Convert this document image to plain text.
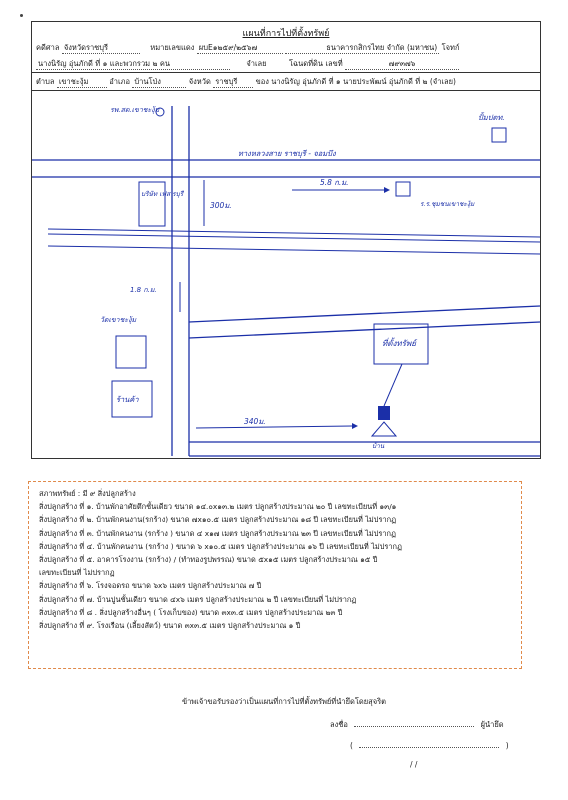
แผนที่การไปที่ตั้งทรัพย์
คดีศาล จังหวัดราชบุรี	หมายเลขแดง ผบE๑๒๕๙/๒๕๖๗	ธนาคารกสิกรไทย จำกัด (มหาชน) โจทก์
นางนิรัญ อุ่นภักดี ที่ ๑ และพวกรวม ๒ คน	จำเลย	โฉนดที่ดิน เลขที่	๗๙๓๗๖
ตำบล เขาชะงุ้ม	อำเภอ บ้านโป่ง	จังหวัด ราชบุรี ของ นางนิรัญ อุ่นภักดี ที่ ๑ นายประพัฒน์ อุ่นภักดี ที่ ๒ (จำเลย)
รพ.สต.เขาชะงุ้ม
ปั้มปตท.
ทางหลวงสาย ราชบุรี - จอมบึง
บริษัท เฟส รบุรี
300ม.
5.8 ก.ม.
ร.ร.ชุมชนเขาชะงุ้ม
1.8 ก.ม.
วัดเขาชะงุ้ม
ร้านค้า
ที่ตั้งทรัพย์
บ้าน
340ม.
สภาพทรัพย์ : มี ๙ สิ่งปลูกสร้าง
สิ่งปลูกสร้าง ที่ ๑. บ้านพักอาศัยตึกชั้นเดียว ขนาด ๑๔.๐x๑๓.๒ เมตร ปลูกสร้างประมาณ ๒๐ ปี เลขทะเบียนที่ ๑๓/๑
สิ่งปลูกสร้าง ที่ ๒. บ้านพักคนงาน(รกร้าง) ขนาด ๗x๑๐.๕ เมตร ปลูกสร้างประมาณ ๑๘ ปี เลขทะเบียนที่ ไม่ปรากฏ
สิ่งปลูกสร้าง ที่ ๓. บ้านพักคนงาน (รกร้าง ) ขนาด ๔ x๑๗ เมตร ปลูกสร้างประมาณ ๒๓ ปี เลขทะเบียนที่ ไม่ปรากฏ
สิ่งปลูกสร้าง ที่ ๔. บ้านพักคนงาน (รกร้าง ) ขนาด ๖ x๑๐.๕ เมตร ปลูกสร้างประมาณ ๑๖ ปี เลขทะเบียนที่ ไม่ปรากฏ
สิ่งปลูกสร้าง ที่ ๕. อาคารโรงงาน (รกร้าง) / (ทำทองรูปพรรณ) ขนาด ๕x๑๕ เมตร ปลูกสร้างประมาณ ๑๕ ปี
เลขทะเบียนที่ ไม่ปรากฏ
สิ่งปลูกสร้าง ที่ ๖. โรงจอดรถ ขนาด ๖x๖ เมตร ปลูกสร้างประมาณ ๗ ปี
สิ่งปลูกสร้าง ที่ ๗. บ้านปูนชั้นเดียว ขนาด ๔x๖ เมตร ปลูกสร้างประมาณ ๒ ปี เลขทะเบียนที่ ไม่ปรากฏ
สิ่งปลูกสร้าง ที่ ๘ . สิ่งปลูกสร้างอื่นๆ ( โรงเก็บของ) ขนาด ๓x๓.๕ เมตร ปลูกสร้างประมาณ ๒๓ ปี
สิ่งปลูกสร้าง ที่ ๙. โรงเรือน (เลี้ยงสัตว์) ขนาด ๓x๓.๕ เมตร ปลูกสร้างประมาณ ๑ ปี
ข้าพเจ้าขอรับรองว่าเป็นแผนที่การไปที่ตั้งทรัพย์ที่นำยึดโดยสุจริต
ลงชื่อ	ผู้นำยึด
(	)
/ /
